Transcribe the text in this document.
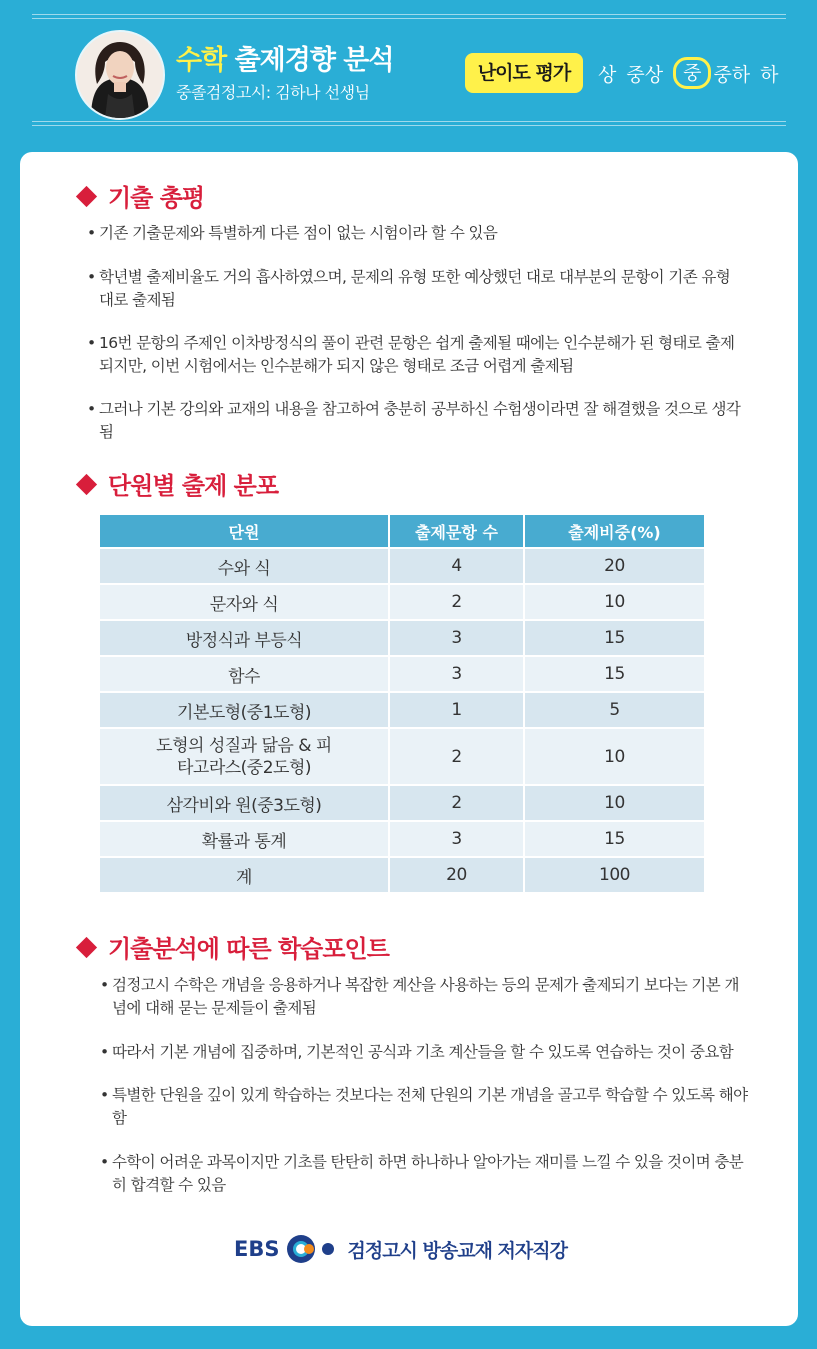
수학 출제경향 분석
중졸검정고시: 김하나 선생님
난이도 평가	상 중상	중 중하 하
기출 총평
• 기존 기출문제와 특별하게 다른 점이 없는 시험이라 할 수 있음
• 학년별 출제비율도 거의 흡사하였으며, 문제의 유형 또한 예상했던 대로 대부분의 문항이 기존 유형대로 출제됨
• 16번 문항의 주제인 이차방정식의 풀이 관련 문항은 쉽게 출제될 때에는 인수분해가 된 형태로 출제되지만, 이번 시험에서는 인수분해가 되지 않은 형태로 조금 어렵게 출제됨
• 그러나 기본 강의와 교재의 내용을 참고하여 충분히 공부하신 수험생이라면 잘 해결했을 것으로 생각됨
단원별 출제 분포
단원	출제문항 수	출제비중(%)
수와 식	4	20
문자와 식	2	10
방정식과 부등식	3	15
함수	3	15
기본도형(중1도형)	1	5

도형의 성질과 닮음 & 피타고라스(중2도형)	2	10
삼각비와 원(중3도형)	2	10
확률과 통계	3	15
계	20	100
기출분석에 따른 학습포인트
• 검정고시 수학은 개념을 응용하거나 복잡한 계산을 사용하는 등의 문제가 출제되기 보다는 기본 개념에 대해 묻는 문제들이 출제됨
• 따라서 기본 개념에 집중하며, 기본적인 공식과 기초 계산들을 할 수 있도록 연습하는 것이 중요함
• 특별한 단원을 깊이 있게 학습하는 것보다는 전체 단원의 기본 개념을 골고루 학습할 수 있도록 해야 함
• 수학이 어려운 과목이지만 기초를 탄탄히 하면 하나하나 알아가는 재미를 느낄 수 있을 것이며 충분히 합격할 수 있음
EBS	검정고시 방송교재 저자직강
